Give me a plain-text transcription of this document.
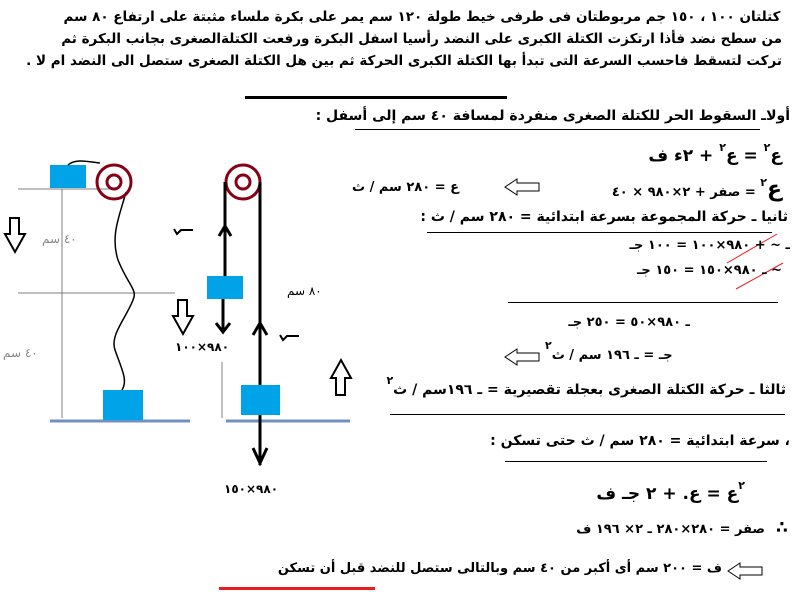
كتلتان ١٠٠ ، ١٥٠ جم مربوطتان فى طرفى خيط طولة ١٢٠ سم يمر على بكرة ملساء مثبتة على ارتفاع ٨٠ سم
من سطح نضد فأذا ارتكزت الكتلة الكبرى على النضد رأسيا اسفل البكرة ورفعت الكتلةالصغرى بجانب البكرة ثم
تركت لتسقط فاحسب السرعة التى تبدأ بها الكتلة الكبرى الحركة ثم بين هل الكتلة الصغرى ستصل الى النضد ام لا .
٤٠ سم
٤٠ سم
٨٠ سم
٩٨٠×١٠٠
٩٨٠×١٥٠
أولاـ السقوط الحر للكتلة الصغرى منفردة لمسافة ٤٠ سم إلى أسفل :
ع$^٢$ = ع$^٢$ + ٢ء ف
ع$^٢$ = صفر + ٢×٩٨٠ × ٤٠
ع = ٢٨٠ سم / ث
ثانيا ـ حركة المجموعة بسرعة ابتدائية = ٢٨٠ سم / ث :
ـ ~ + ٩٨٠×١٠٠ = ١٠٠ جـ
~ ـ ٩٨٠×١٥٠ = ١٥٠ جـ
ـ ٩٨٠×٥٠ = ٢٥٠ جـ
جـ = ـ ١٩٦ سم / ث$^٢$
ثالثا ـ حركة الكتلة الصغرى بعجلة تقصيرية = ـ ١٩٦سم / ث$^٢$
، سرعة ابتدائية = ٢٨٠ سم / ث حتى تسكن :
$^٢$ع = ع. + ٢ جـ ف
∴
صفر = ٢٨٠×٢٨٠ ـ ٢× ١٩٦ ف
ف = ٢٠٠ سم أى أكبر من ٤٠ سم وبالتالى ستصل للنضد قبل أن تسكن
